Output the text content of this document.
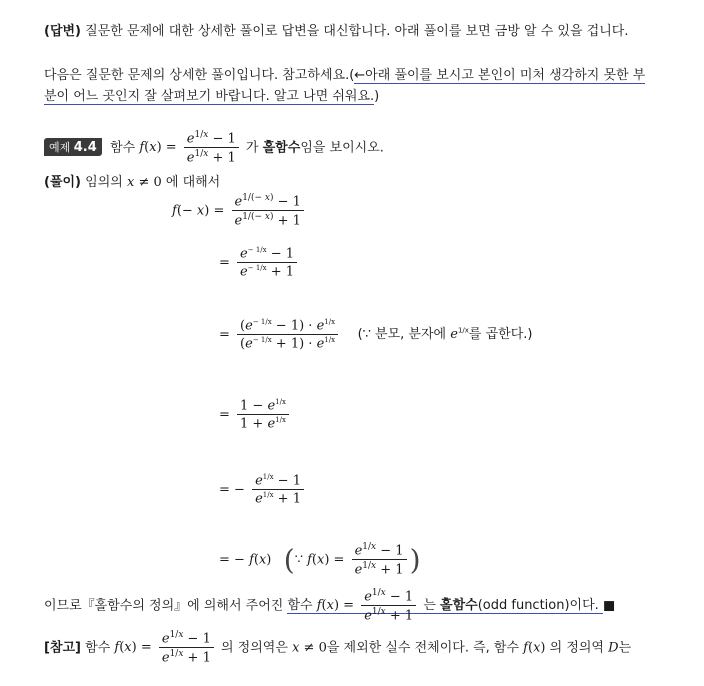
(답변) 질문한 문제에 대한 상세한 풀이로 답변을 대신합니다. 아래 풀이를 보면 금방 알 수 있을 겁니다.
다음은 질문한 문제의 상세한 풀이입니다. 참고하세요.(←아래 풀이를 보시고 본인이 미처 생각하지 못한 부
분이 어느 곳인지 잘 살펴보기 바랍니다. 알고 나면 쉬워요.)
예제 4.4 함수 $f(x) = \frac{e^{1/x} - 1}{e^{1/x} + 1}$ 가 홀함수임을 보이시오.
(풀이) 임의의 x ≠ 0 에 대해서
$f(- x) = \frac{e^{1/(- x)} - 1}{e^{1/(- x)} + 1}$
= $\frac{e^{- 1/x} - 1}{e^{- 1/x} + 1}$
= $\frac{(e^{- 1/x} - 1) \cdot e^{1/x}}{(e^{- 1/x} + 1) \cdot e^{1/x}}$ (∵ 분모, 분자에 $e^{1/x}$를 곱한다.)
= $\frac{1 - e^{1/x}}{1 + e^{1/x}}$
= − $\frac{e^{1/x} - 1}{e^{1/x} + 1}$
= − f(x)   (∵ $f(x) = \frac{e^{1/x} - 1}{e^{1/x} + 1}$ )
이므로『홀함수의 정의』에 의해서 주어진 함수 $f(x) = \frac{e^{1/x} - 1}{e^{1/x} + 1}$ 는 홀함수(odd function)이다. ■
[참고] 함수 $f(x) = \frac{e^{1/x} - 1}{e^{1/x} + 1}$ 의 정의역은 x ≠ 0을 제외한 실수 전체이다. 즉, 함수 f(x) 의 정의역 D는
